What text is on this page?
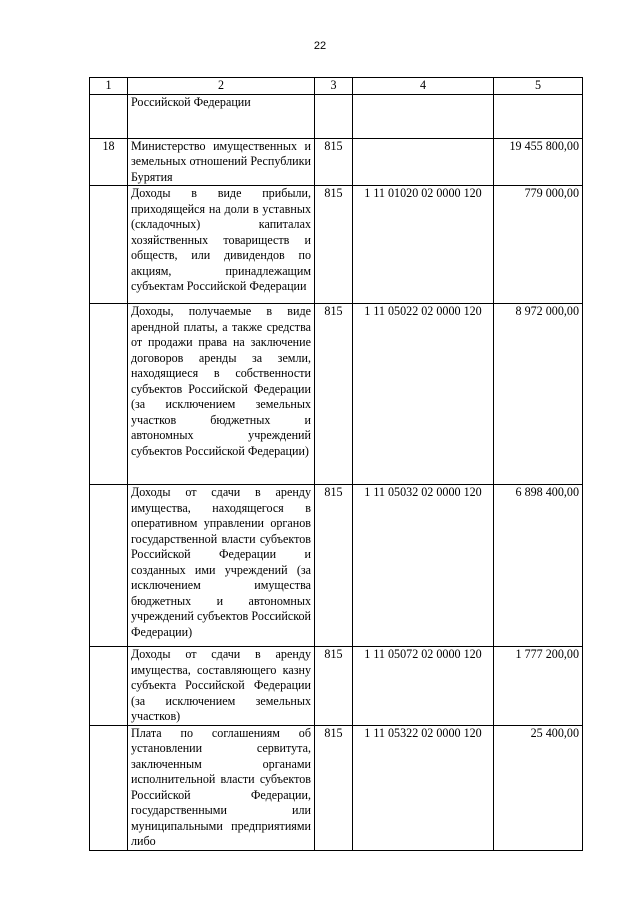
22
1	2	3	4	5
	Российской Федерации			
18	Министерство имущественных и земельных отношений Республики Бурятия	815		19 455 800,00
	Доходы в виде прибыли, приходящейся на доли в уставных (складочных) капиталах хозяйственных товариществ и обществ, или дивидендов по акциям, принадлежащим субъектам Российской Федерации	815	1 11 01020 02 0000 120	779 000,00
	Доходы, получаемые в виде арендной платы, а также средства от продажи права на заключение договоров аренды за земли, находящиеся в собственности субъектов Российской Федерации (за исключением земельных участков бюджетных и автономных учреждений субъектов Российской Федерации)	815	1 11 05022 02 0000 120	8 972 000,00
	Доходы от сдачи в аренду имущества, находящегося в оперативном управлении органов государственной власти субъектов Российской Федерации и созданных ими учреждений (за исключением имущества бюджетных и автономных учреждений субъектов Российской Федерации)	815	1 11 05032 02 0000 120	6 898 400,00
	Доходы от сдачи в аренду имущества, составляющего казну субъекта Российской Федерации (за исключением земельных участков)	815	1 11 05072 02 0000 120	1 777 200,00
	Плата по соглашениям об установлении сервитута, заключенным органами исполнительной власти субъектов Российской Федерации, государственными или муниципальными предприятиями либо	815	1 11 05322 02 0000 120	25 400,00
